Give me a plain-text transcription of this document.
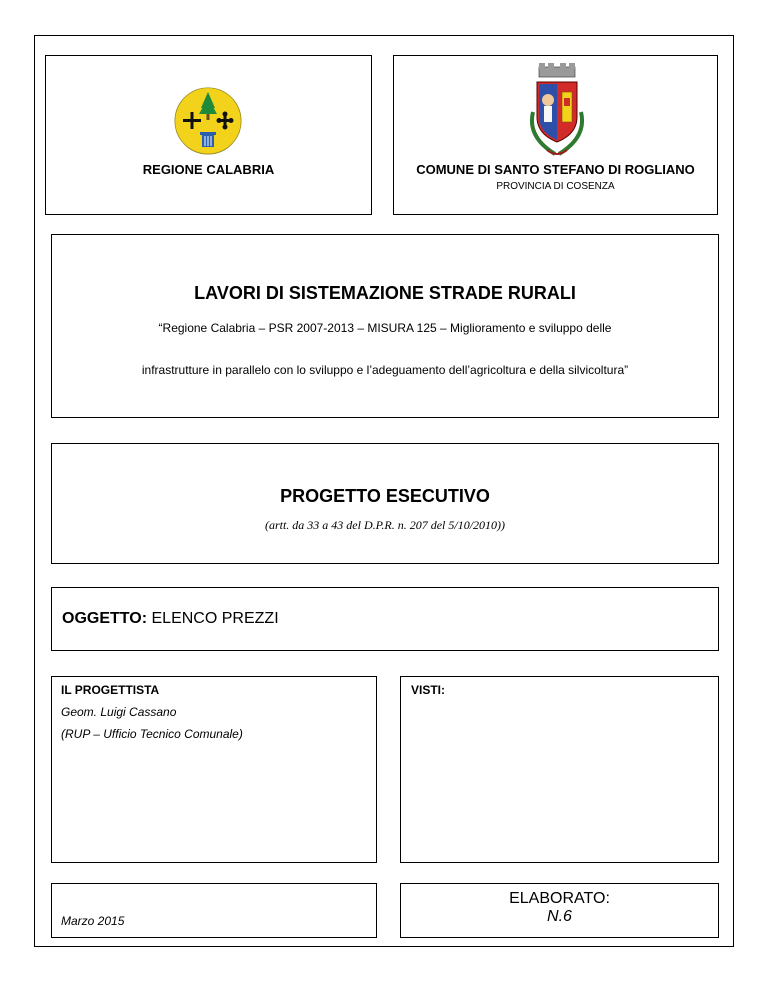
REGIONE CALABRIA	COMUNE DI SANTO STEFANO DI ROGLIANO
PROVINCIA DI COSENZA
LAVORI DI SISTEMAZIONE STRADE RURALI
“Regione Calabria – PSR 2007-2013 – MISURA 125 – Miglioramento e sviluppo delle
infrastrutture in parallelo con lo sviluppo e l’adeguamento dell’agricoltura e della silvicoltura”
PROGETTO ESECUTIVO
(artt. da 33 a 43 del D.P.R. n. 207 del 5/10/2010))
OGGETTO: ELENCO PREZZI
IL PROGETTISTA
Geom. Luigi Cassano
(RUP – Ufficio Tecnico Comunale)
VISTI:
Marzo 2015
ELABORATO:
N.6
